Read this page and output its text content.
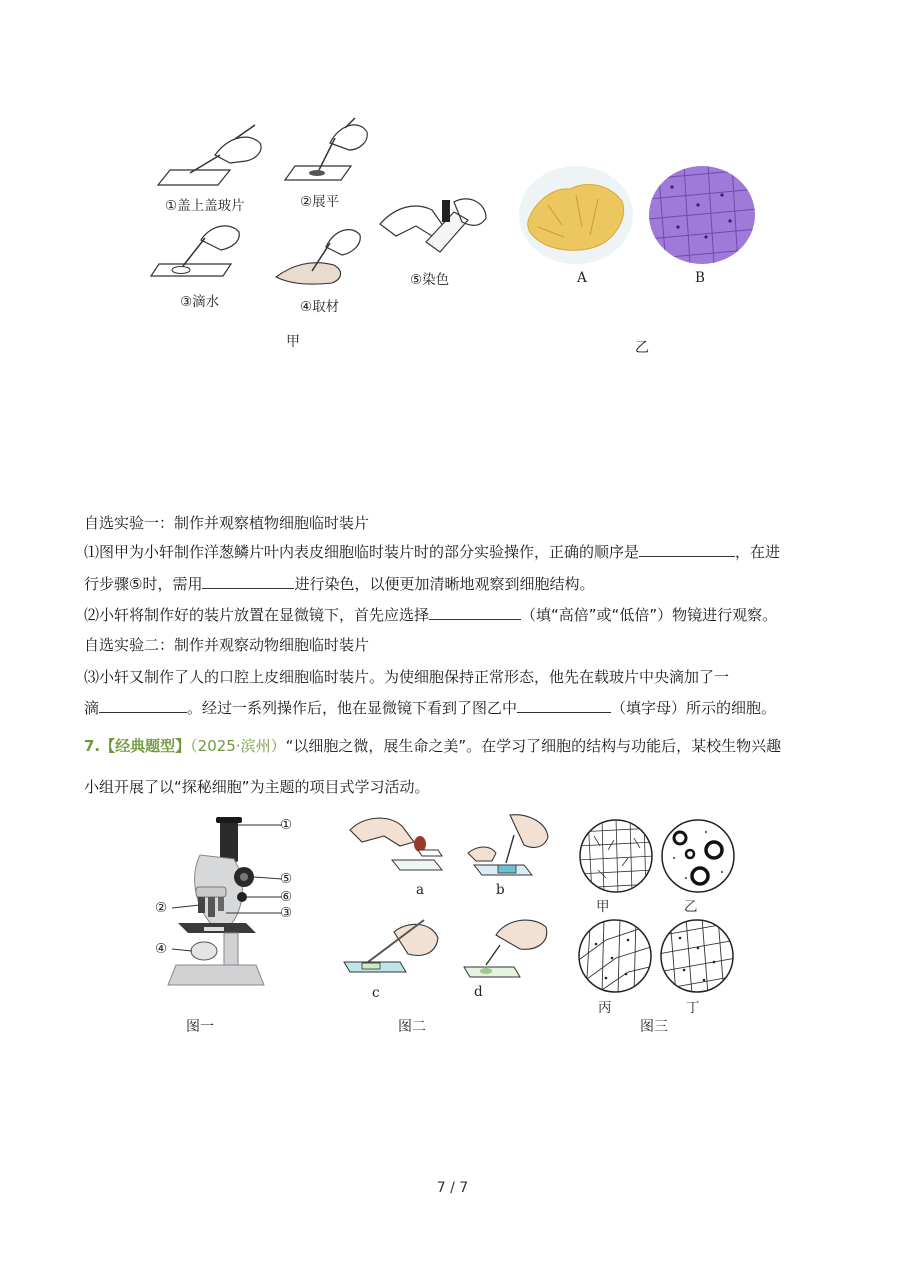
①盖上盖玻片	②展平
③滴水	④取材
⑤染色
甲
A	B
乙
自选实验一：制作并观察植物细胞临时装片
⑴图甲为小轩制作洋葱鳞片叶内表皮细胞临时装片时的部分实验操作，正确的顺序是	，在进
行步骤⑤时，需用	进行染色，以便更加清晰地观察到细胞结构。
⑵小轩将制作好的装片放置在显微镜下，首先应选择	（填“高倍”或“低倍”）物镜进行观察。
自选实验二：制作并观察动物细胞临时装片
⑶小轩又制作了人的口腔上皮细胞临时装片。为使细胞保持正常形态，他先在载玻片中央滴加了一
滴	。经过一系列操作后，他在显微镜下看到了图乙中	（填字母）所示的细胞。
7.【经典题型】（2025·滨州）“以细胞之微，展生命之美”。在学习了细胞的结构与功能后，某校生物兴趣
小组开展了以“探秘细胞”为主题的项目式学习活动。
①
②	③
④
⑤
⑥
图一
a	b
c	d
图二
甲	乙
丙	丁
图三
7 / 7
